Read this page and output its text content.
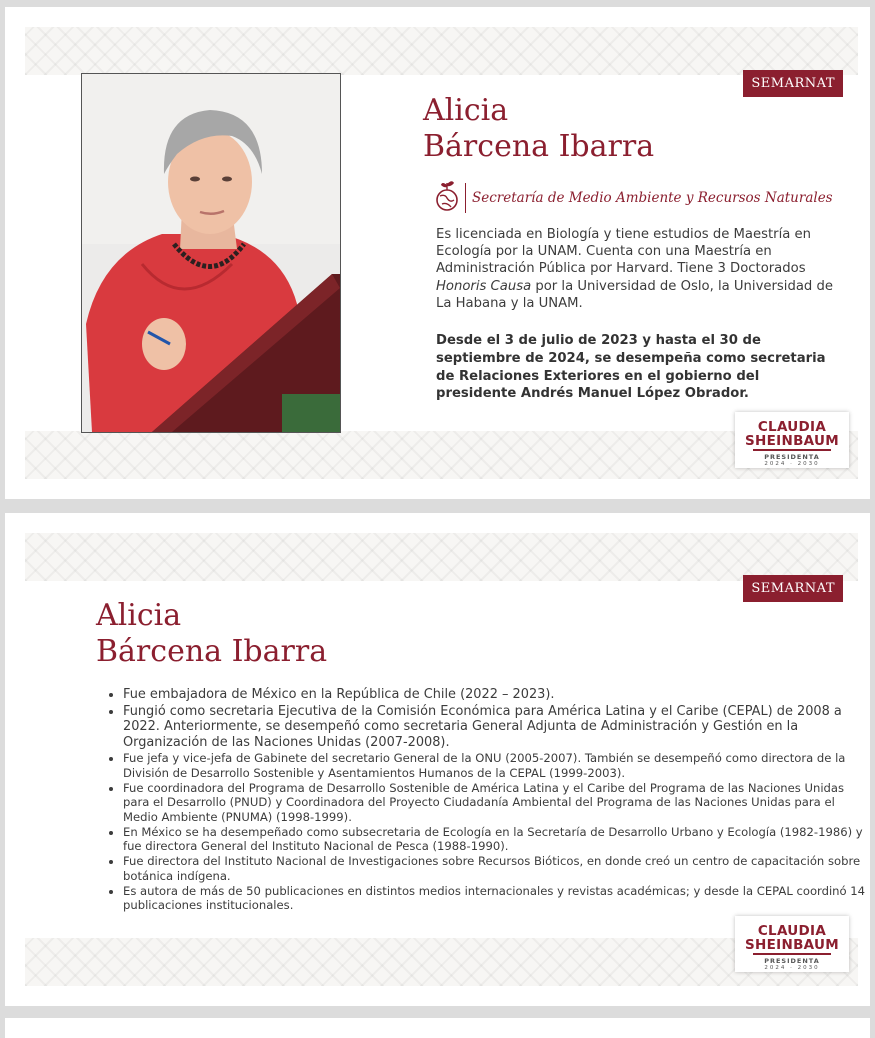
SEMARNAT
Alicia
Bárcena Ibarra
Secretaría de Medio Ambiente y Recursos Naturales

Es licenciada en Biología y tiene estudios de Maestría en Ecología por la UNAM. Cuenta con una Maestría en Administración Pública por Harvard. Tiene 3 Doctorados Honoris Causa por la Universidad de Oslo, la Universidad de La Habana y la UNAM.

Desde el 3 de julio de 2023 y hasta el 30 de septiembre de 2024, se desempeña como secretaria de Relaciones Exteriores en el gobierno del presidente Andrés Manuel López Obrador.

CLAUDIA
SHEINBAUM
PRESIDENTA
2024 · 2030
SEMARNAT
Alicia
Bárcena Ibarra
• Fue embajadora de México en la República de Chile (2022 – 2023).
• Fungió como secretaria Ejecutiva de la Comisión Económica para América Latina y el Caribe (CEPAL) de 2008 a 2022. Anteriormente, se desempeñó como secretaria General Adjunta de Administración y Gestión en la Organización de las Naciones Unidas (2007-2008).
• Fue jefa y vice-jefa de Gabinete del secretario General de la ONU (2005-2007). También se desempeñó como directora de la División de Desarrollo Sostenible y Asentamientos Humanos de la CEPAL (1999-2003).
• Fue coordinadora del Programa de Desarrollo Sostenible de América Latina y el Caribe del Programa de las Naciones Unidas para el Desarrollo (PNUD) y Coordinadora del Proyecto Ciudadanía Ambiental del Programa de las Naciones Unidas para el Medio Ambiente (PNUMA) (1998-1999).
• En México se ha desempeñado como subsecretaria de Ecología en la Secretaría de Desarrollo Urbano y Ecología (1982-1986) y fue directora General del Instituto Nacional de Pesca (1988-1990).
• Fue directora del Instituto Nacional de Investigaciones sobre Recursos Bióticos, en donde creó un centro de capacitación sobre botánica indígena.
• Es autora de más de 50 publicaciones en distintos medios internacionales y revistas académicas; y desde la CEPAL coordinó 14 publicaciones institucionales.
CLAUDIA
SHEINBAUM
PRESIDENTA
2024 · 2030
